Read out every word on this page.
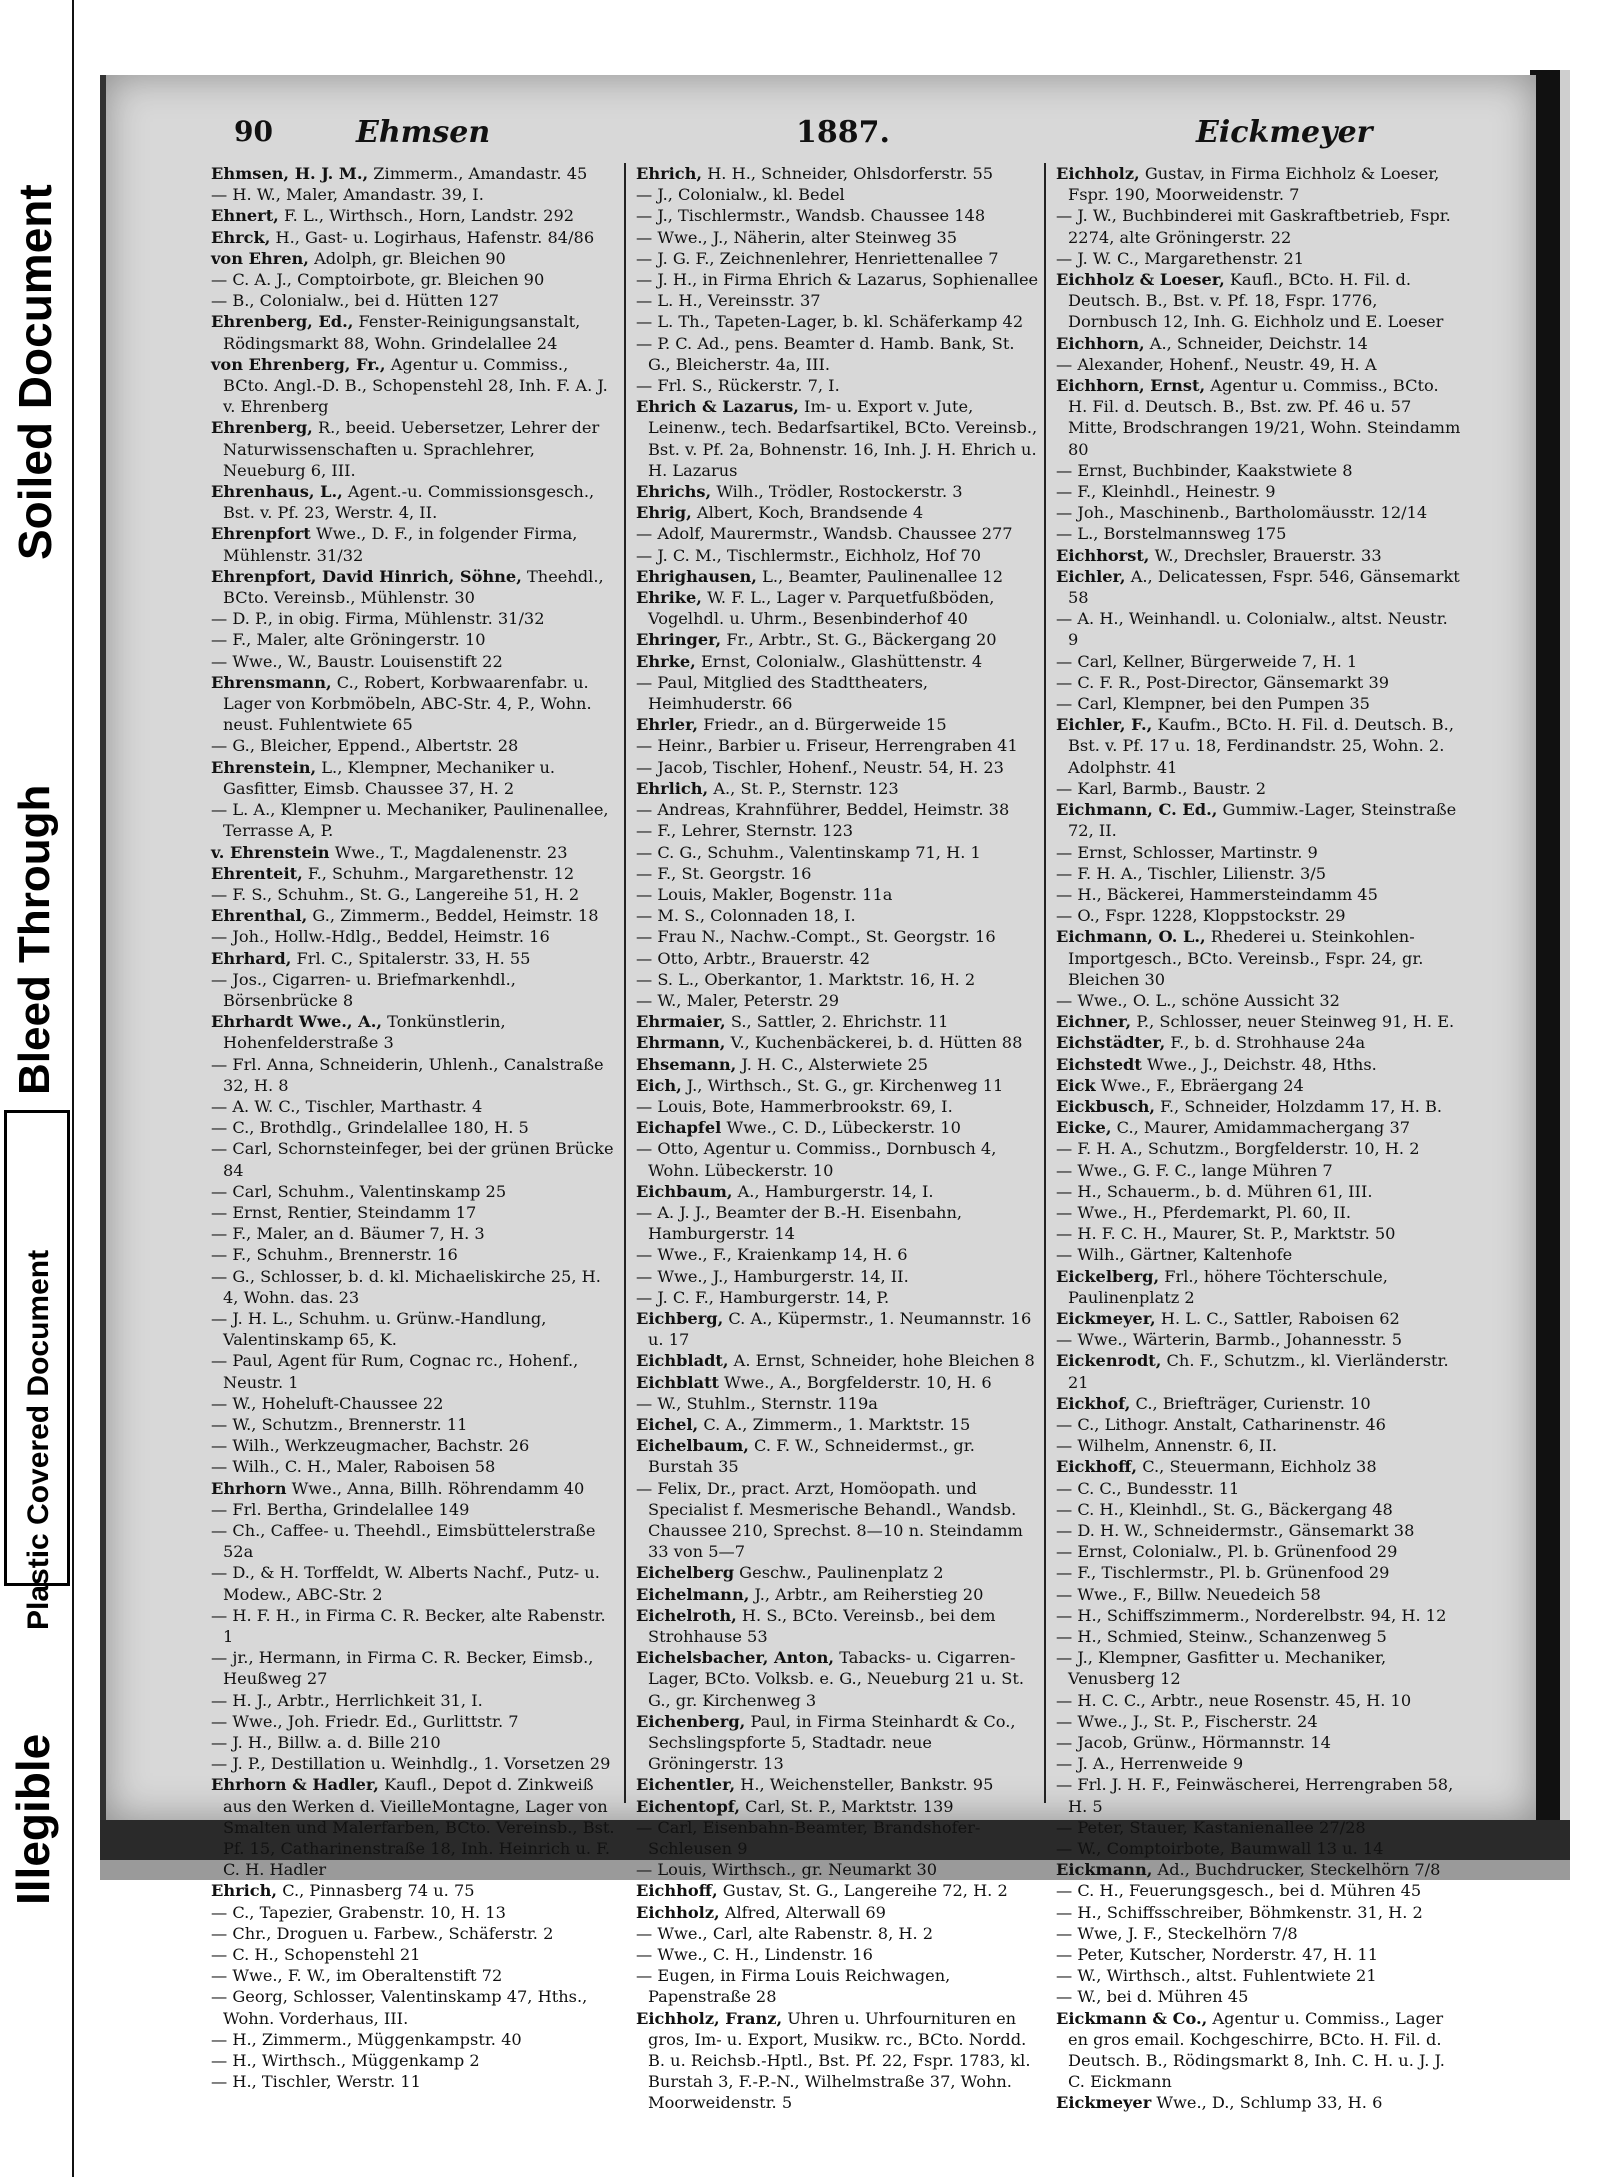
Illegible
Plastic Covered Document
Bleed Through
Soiled Document
90	Ehmsen	1887.	Eickmeyer

Ehmsen, H. J. M., Zimmerm., Amandastr. 45

— H. W., Maler, Amandastr. 39, I.

Ehnert, F. L., Wirthsch., Horn, Landstr. 292

Ehrck, H., Gast- u. Logirhaus, Hafenstr. 84/86

von Ehren, Adolph, gr. Bleichen 90

— C. A. J., Comptoirbote, gr. Bleichen 90

— B., Colonialw., bei d. Hütten 127

Ehrenberg, Ed., Fenster-Reinigungsanstalt, Rödingsmarkt 88, Wohn. Grindelallee 24

von Ehrenberg, Fr., Agentur u. Commiss., BCto. Angl.-D. B., Schopenstehl 28, Inh. F. A. J. v. Ehrenberg

Ehrenberg, R., beeid. Uebersetzer, Lehrer der Naturwissenschaften u. Sprachlehrer, Neueburg 6, III.

Ehrenhaus, L., Agent.-u. Commissionsgesch., Bst. v. Pf. 23, Werstr. 4, II.

Ehrenpfort Wwe., D. F., in folgender Firma, Mühlenstr. 31/32

Ehrenpfort, David Hinrich, Söhne, Theehdl., BCto. Vereinsb., Mühlenstr. 30

— D. P., in obig. Firma, Mühlenstr. 31/32

— F., Maler, alte Gröningerstr. 10

— Wwe., W., Baustr. Louisenstift 22

Ehrensmann, C., Robert, Korbwaarenfabr. u. Lager von Korbmöbeln, ABC-Str. 4, P., Wohn. neust. Fuhlentwiete 65

— G., Bleicher, Eppend., Albertstr. 28

Ehrenstein, L., Klempner, Mechaniker u. Gasfitter, Eimsb. Chaussee 37, H. 2

— L. A., Klempner u. Mechaniker, Paulinenallee, Terrasse A, P.

v. Ehrenstein Wwe., T., Magdalenenstr. 23

Ehrenteit, F., Schuhm., Margarethenstr. 12

— F. S., Schuhm., St. G., Langereihe 51, H. 2

Ehrenthal, G., Zimmerm., Beddel, Heimstr. 18

— Joh., Hollw.-Hdlg., Beddel, Heimstr. 16

Ehrhard, Frl. C., Spitalerstr. 33, H. 55

— Jos., Cigarren- u. Briefmarkenhdl., Börsenbrücke 8

Ehrhardt Wwe., A., Tonkünstlerin, Hohenfelderstraße 3

— Frl. Anna, Schneiderin, Uhlenh., Canalstraße 32, H. 8

— A. W. C., Tischler, Marthastr. 4

— C., Brothdlg., Grindelallee 180, H. 5

— Carl, Schornsteinfeger, bei der grünen Brücke 84

— Carl, Schuhm., Valentinskamp 25

— Ernst, Rentier, Steindamm 17

— F., Maler, an d. Bäumer 7, H. 3

— F., Schuhm., Brennerstr. 16

— G., Schlosser, b. d. kl. Michaeliskirche 25, H. 4, Wohn. das. 23

— J. H. L., Schuhm. u. Grünw.-Handlung, Valentinskamp 65, K.

— Paul, Agent für Rum, Cognac rc., Hohenf., Neustr. 1

— W., Hoheluft-Chaussee 22

— W., Schutzm., Brennerstr. 11

— Wilh., Werkzeugmacher, Bachstr. 26

— Wilh., C. H., Maler, Raboisen 58

Ehrhorn Wwe., Anna, Billh. Röhrendamm 40

— Frl. Bertha, Grindelallee 149

— Ch., Caffee- u. Theehdl., Eimsbüttelerstraße 52a

— D., & H. Torffeldt, W. Alberts Nachf., Putz- u. Modew., ABC-Str. 2

— H. F. H., in Firma C. R. Becker, alte Rabenstr. 1

— jr., Hermann, in Firma C. R. Becker, Eimsb., Heußweg 27

— H. J., Arbtr., Herrlichkeit 31, I.

— Wwe., Joh. Friedr. Ed., Gurlittstr. 7

— J. H., Billw. a. d. Bille 210

— J. P., Destillation u. Weinhdlg., 1. Vorsetzen 29

Ehrhorn & Hadler, Kaufl., Depot d. Zinkweiß aus den Werken d. VieilleMontagne, Lager von Smalten und Malerfarben, BCto. Vereinsb., Bst. Pf. 15, Catharinenstraße 18, Inh. Heinrich u. F. C. H. Hadler

Ehrich, C., Pinnasberg 74 u. 75

— C., Tapezier, Grabenstr. 10, H. 13

— Chr., Droguen u. Farbew., Schäferstr. 2

— C. H., Schopenstehl 21

— Wwe., F. W., im Oberaltenstift 72

— Georg, Schlosser, Valentinskamp 47, Hths., Wohn. Vorderhaus, III.

— H., Zimmerm., Müggenkampstr. 40

— H., Wirthsch., Müggenkamp 2

— H., Tischler, Werstr. 11

Ehrich, H. H., Schneider, Ohlsdorferstr. 55

— J., Colonialw., kl. Bedel

— J., Tischlermstr., Wandsb. Chaussee 148

— Wwe., J., Näherin, alter Steinweg 35

— J. G. F., Zeichnenlehrer, Henriettenallee 7

— J. H., in Firma Ehrich & Lazarus, Sophienallee

— L. H., Vereinsstr. 37

— L. Th., Tapeten-Lager, b. kl. Schäferkamp 42

— P. C. Ad., pens. Beamter d. Hamb. Bank, St. G., Bleicherstr. 4a, III.

— Frl. S., Rückerstr. 7, I.

Ehrich & Lazarus, Im- u. Export v. Jute, Leinenw., tech. Bedarfsartikel, BCto. Vereinsb., Bst. v. Pf. 2a, Bohnenstr. 16, Inh. J. H. Ehrich u. H. Lazarus

Ehrichs, Wilh., Trödler, Rostockerstr. 3

Ehrig, Albert, Koch, Brandsende 4

— Adolf, Maurermstr., Wandsb. Chaussee 277

— J. C. M., Tischlermstr., Eichholz, Hof 70

Ehrighausen, L., Beamter, Paulinenallee 12

Ehrike, W. F. L., Lager v. Parquetfußböden, Vogelhdl. u. Uhrm., Besenbinderhof 40

Ehringer, Fr., Arbtr., St. G., Bäckergang 20

Ehrke, Ernst, Colonialw., Glashüttenstr. 4

— Paul, Mitglied des Stadttheaters, Heimhuderstr. 66

Ehrler, Friedr., an d. Bürgerweide 15

— Heinr., Barbier u. Friseur, Herrengraben 41

— Jacob, Tischler, Hohenf., Neustr. 54, H. 23

Ehrlich, A., St. P., Sternstr. 123

— Andreas, Krahnführer, Beddel, Heimstr. 38

— F., Lehrer, Sternstr. 123

— C. G., Schuhm., Valentinskamp 71, H. 1

— F., St. Georgstr. 16

— Louis, Makler, Bogenstr. 11a

— M. S., Colonnaden 18, I.

— Frau N., Nachw.-Compt., St. Georgstr. 16

— Otto, Arbtr., Brauerstr. 42

— S. L., Oberkantor, 1. Marktstr. 16, H. 2

— W., Maler, Peterstr. 29

Ehrmaier, S., Sattler, 2. Ehrichstr. 11

Ehrmann, V., Kuchenbäckerei, b. d. Hütten 88

Ehsemann, J. H. C., Alsterwiete 25

Eich, J., Wirthsch., St. G., gr. Kirchenweg 11

— Louis, Bote, Hammerbrookstr. 69, I.

Eichapfel Wwe., C. D., Lübeckerstr. 10

— Otto, Agentur u. Commiss., Dornbusch 4, Wohn. Lübeckerstr. 10

Eichbaum, A., Hamburgerstr. 14, I.

— A. J. J., Beamter der B.-H. Eisenbahn, Hamburgerstr. 14

— Wwe., F., Kraienkamp 14, H. 6

— Wwe., J., Hamburgerstr. 14, II.

— J. C. F., Hamburgerstr. 14, P.

Eichberg, C. A., Küpermstr., 1. Neumannstr. 16 u. 17

Eichbladt, A. Ernst, Schneider, hohe Bleichen 8

Eichblatt Wwe., A., Borgfelderstr. 10, H. 6

— W., Stuhlm., Sternstr. 119a

Eichel, C. A., Zimmerm., 1. Marktstr. 15

Eichelbaum, C. F. W., Schneidermst., gr. Burstah 35

— Felix, Dr., pract. Arzt, Homöopath. und Specialist f. Mesmerische Behandl., Wandsb. Chaussee 210, Sprechst. 8—10 n. Steindamm 33 von 5—7

Eichelberg Geschw., Paulinenplatz 2

Eichelmann, J., Arbtr., am Reiherstieg 20

Eichelroth, H. S., BCto. Vereinsb., bei dem Strohhause 53

Eichelsbacher, Anton, Tabacks- u. Cigarren-Lager, BCto. Volksb. e. G., Neueburg 21 u. St. G., gr. Kirchenweg 3

Eichenberg, Paul, in Firma Steinhardt & Co., Sechslingspforte 5, Stadtadr. neue Gröningerstr. 13

Eichentler, H., Weichensteller, Bankstr. 95

Eichentopf, Carl, St. P., Marktstr. 139

— Carl, Eisenbahn-Beamter, Brandshofer-Schleusen 9

— Louis, Wirthsch., gr. Neumarkt 30

Eichhoff, Gustav, St. G., Langereihe 72, H. 2

Eichholz, Alfred, Alterwall 69

— Wwe., Carl, alte Rabenstr. 8, H. 2

— Wwe., C. H., Lindenstr. 16

— Eugen, in Firma Louis Reichwagen, Papenstraße 28

Eichholz, Franz, Uhren u. Uhrfournituren en gros, Im- u. Export, Musikw. rc., BCto. Nordd. B. u. Reichsb.-Hptl., Bst. Pf. 22, Fspr. 1783, kl. Burstah 3, F.-P.-N., Wilhelmstraße 37, Wohn. Moorweidenstr. 5

Eichholz, Gustav, in Firma Eichholz & Loeser, Fspr. 190, Moorweidenstr. 7

— J. W., Buchbinderei mit Gaskraftbetrieb, Fspr. 2274, alte Gröningerstr. 22

— J. W. C., Margarethenstr. 21

Eichholz & Loeser, Kaufl., BCto. H. Fil. d. Deutsch. B., Bst. v. Pf. 18, Fspr. 1776, Dornbusch 12, Inh. G. Eichholz und E. Loeser

Eichhorn, A., Schneider, Deichstr. 14

— Alexander, Hohenf., Neustr. 49, H. A

Eichhorn, Ernst, Agentur u. Commiss., BCto. H. Fil. d. Deutsch. B., Bst. zw. Pf. 46 u. 57 Mitte, Brodschrangen 19/21, Wohn. Steindamm 80

— Ernst, Buchbinder, Kaakstwiete 8

— F., Kleinhdl., Heinestr. 9

— Joh., Maschinenb., Bartholomäusstr. 12/14

— L., Borstelmannsweg 175

Eichhorst, W., Drechsler, Brauerstr. 33

Eichler, A., Delicatessen, Fspr. 546, Gänsemarkt 58

— A. H., Weinhandl. u. Colonialw., altst. Neustr. 9

— Carl, Kellner, Bürgerweide 7, H. 1

— C. F. R., Post-Director, Gänsemarkt 39

— Carl, Klempner, bei den Pumpen 35

Eichler, F., Kaufm., BCto. H. Fil. d. Deutsch. B., Bst. v. Pf. 17 u. 18, Ferdinandstr. 25, Wohn. 2. Adolphstr. 41

— Karl, Barmb., Baustr. 2

Eichmann, C. Ed., Gummiw.-Lager, Steinstraße 72, II.

— Ernst, Schlosser, Martinstr. 9

— F. H. A., Tischler, Lilienstr. 3/5

— H., Bäckerei, Hammersteindamm 45

— O., Fspr. 1228, Kloppstockstr. 29

Eichmann, O. L., Rhederei u. Steinkohlen-Importgesch., BCto. Vereinsb., Fspr. 24, gr. Bleichen 30

— Wwe., O. L., schöne Aussicht 32

Eichner, P., Schlosser, neuer Steinweg 91, H. E.

Eichstädter, F., b. d. Strohhause 24a

Eichstedt Wwe., J., Deichstr. 48, Hths.

Eick Wwe., F., Ebräergang 24

Eickbusch, F., Schneider, Holzdamm 17, H. B.

Eicke, C., Maurer, Amidammachergang 37

— F. H. A., Schutzm., Borgfelderstr. 10, H. 2

— Wwe., G. F. C., lange Mühren 7

— H., Schauerm., b. d. Mühren 61, III.

— Wwe., H., Pferdemarkt, Pl. 60, II.

— H. F. C. H., Maurer, St. P., Marktstr. 50

— Wilh., Gärtner, Kaltenhofe

Eickelberg, Frl., höhere Töchterschule, Paulinenplatz 2

Eickmeyer, H. L. C., Sattler, Raboisen 62

— Wwe., Wärterin, Barmb., Johannesstr. 5

Eickenrodt, Ch. F., Schutzm., kl. Vierländerstr. 21

Eickhof, C., Briefträger, Curienstr. 10

— C., Lithogr. Anstalt, Catharinenstr. 46

— Wilhelm, Annenstr. 6, II.

Eickhoff, C., Steuermann, Eichholz 38

— C. C., Bundesstr. 11

— C. H., Kleinhdl., St. G., Bäckergang 48

— D. H. W., Schneidermstr., Gänsemarkt 38

— Ernst, Colonialw., Pl. b. Grünenfood 29

— F., Tischlermstr., Pl. b. Grünenfood 29

— Wwe., F., Billw. Neuedeich 58

— H., Schiffszimmerm., Norderelbstr. 94, H. 12

— H., Schmied, Steinw., Schanzenweg 5

— J., Klempner, Gasfitter u. Mechaniker, Venusberg 12

— H. C. C., Arbtr., neue Rosenstr. 45, H. 10

— Wwe., J., St. P., Fischerstr. 24

— Jacob, Grünw., Hörmannstr. 14

— J. A., Herrenweide 9

— Frl. J. H. F., Feinwäscherei, Herrengraben 58, H. 5

— Peter, Stauer, Kastanienallee 27/28

— W., Comptoirbote, Baumwall 13 u. 14

Eickmann, Ad., Buchdrucker, Steckelhörn 7/8

— C. H., Feuerungsgesch., bei d. Mühren 45

— H., Schiffsschreiber, Böhmkenstr. 31, H. 2

— Wwe, J. F., Steckelhörn 7/8

— Peter, Kutscher, Norderstr. 47, H. 11

— W., Wirthsch., altst. Fuhlentwiete 21

— W., bei d. Mühren 45

Eickmann & Co., Agentur u. Commiss., Lager en gros email. Kochgeschirre, BCto. H. Fil. d. Deutsch. B., Rödingsmarkt 8, Inh. C. H. u. J. J. C. Eickmann

Eickmeyer Wwe., D., Schlump 33, H. 6
